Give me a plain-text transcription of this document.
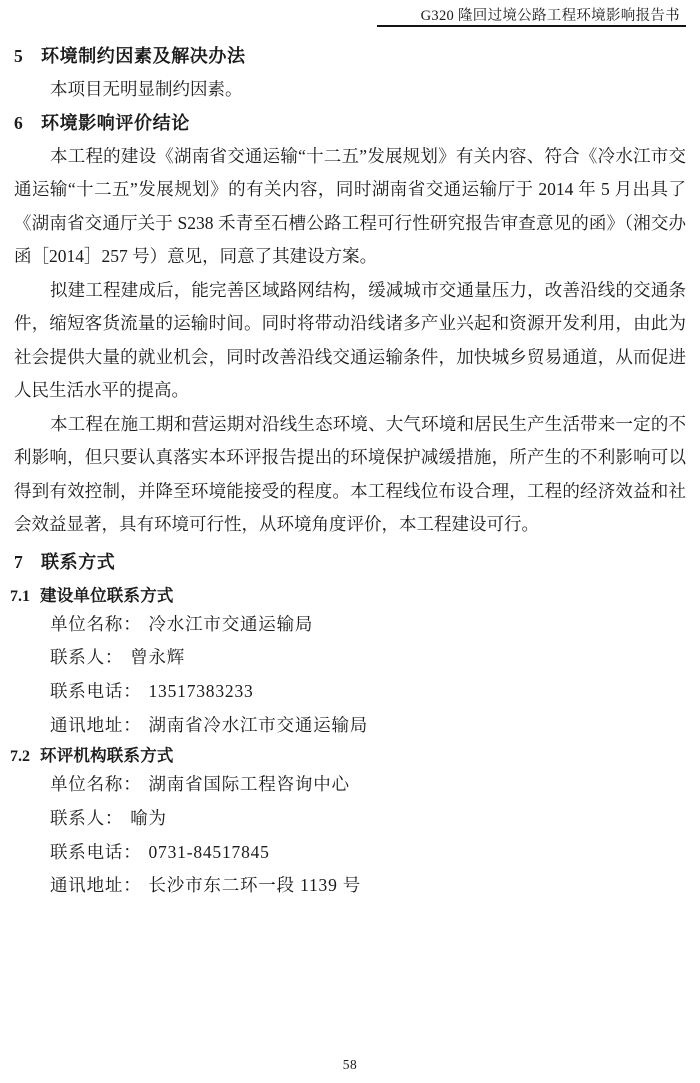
G320 隆回过境公路工程环境影响报告书
5	环境制约因素及解决办法

本项目无明显制约因素。

6	环境影响评价结论

本工程的建设《湖南省交通运输“十二五”发展规划》有关内容、符合《冷水江市交通运输“十二五”发展规划》的有关内容，同时湖南省交通运输厅于 2014 年 5 月出具了《湖南省交通厅关于 S238 禾青至石槽公路工程可行性研究报告审查意见的函》（湘交办函［2014］257 号）意见，同意了其建设方案。

拟建工程建成后，能完善区域路网结构，缓减城市交通量压力，改善沿线的交通条件，缩短客货流量的运输时间。同时将带动沿线诸多产业兴起和资源开发利用，由此为社会提供大量的就业机会，同时改善沿线交通运输条件，加快城乡贸易通道，从而促进人民生活水平的提高。

本工程在施工期和营运期对沿线生态环境、大气环境和居民生产生活带来一定的不利影响，但只要认真落实本环评报告提出的环境保护减缓措施，所产生的不利影响可以得到有效控制，并降至环境能接受的程度。本工程线位布设合理，工程的经济效益和社会效益显著，具有环境可行性，从环境角度评价，本工程建设可行。

7	联系方式
7.1 建设单位联系方式
单位名称： 冷水江市交通运输局
联系人： 曾永辉
联系电话： 13517383233
通讯地址： 湖南省冷水江市交通运输局
7.2 环评机构联系方式
单位名称： 湖南省国际工程咨询中心
联系人： 喻为
联系电话： 0731-84517845
通讯地址： 长沙市东二环一段 1139 号
58
